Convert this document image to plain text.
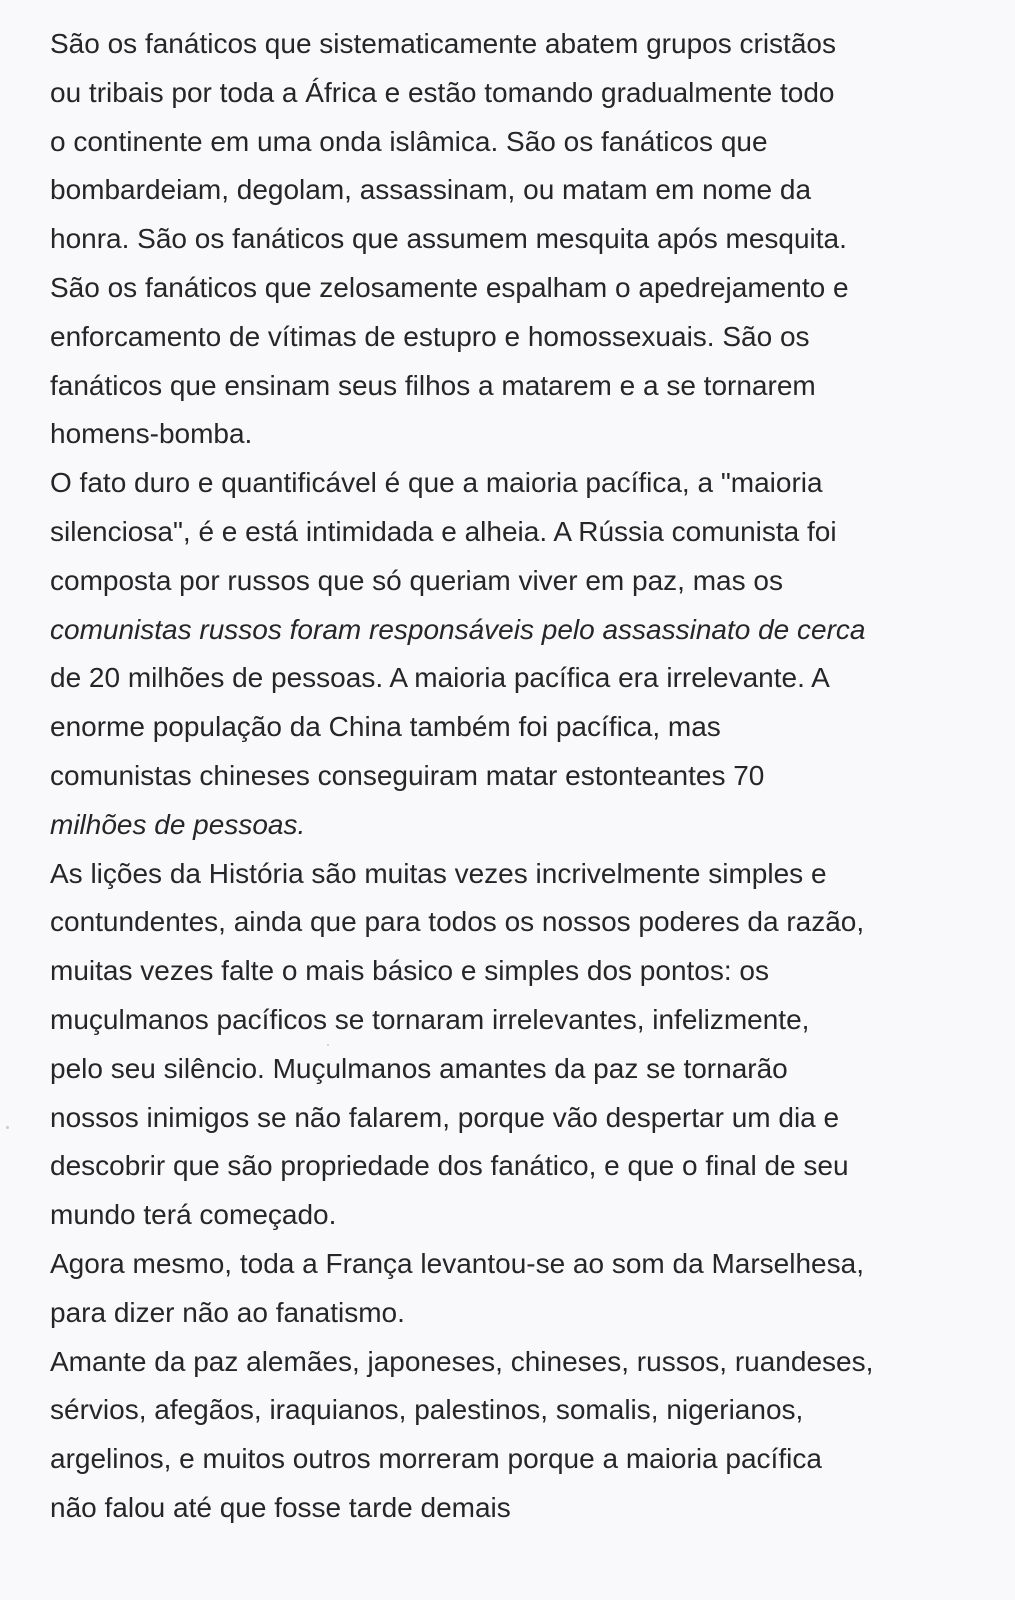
São os fanáticos que sistematicamente abatem grupos cristãos
ou tribais por toda a África e estão tomando gradualmente todo
o continente em uma onda islâmica. São os fanáticos que
bombardeiam, degolam, assassinam, ou matam em nome da
honra. São os fanáticos que assumem mesquita após mesquita.
São os fanáticos que zelosamente espalham o apedrejamento e
enforcamento de vítimas de estupro e homossexuais. São os
fanáticos que ensinam seus filhos a matarem e a se tornarem
homens-bomba.
O fato duro e quantificável é que a maioria pacífica, a "maioria
silenciosa", é e está intimidada e alheia. A Rússia comunista foi
composta por russos que só queriam viver em paz, mas os
comunistas russos foram responsáveis pelo assassinato de cerca
de 20 milhões de pessoas. A maioria pacífica era irrelevante. A
enorme população da China também foi pacífica, mas
comunistas chineses conseguiram matar estonteantes 70
milhões de pessoas.
As lições da História são muitas vezes incrivelmente simples e
contundentes, ainda que para todos os nossos poderes da razão,
muitas vezes falte o mais básico e simples dos pontos: os
muçulmanos pacíficos se tornaram irrelevantes, infelizmente,
pelo seu silêncio. Muçulmanos amantes da paz se tornarão
nossos inimigos se não falarem, porque vão despertar um dia e
descobrir que são propriedade dos fanático, e que o final de seu
mundo terá começado.
Agora mesmo, toda a França levantou-se ao som da Marselhesa,
para dizer não ao fanatismo.
Amante da paz alemães, japoneses, chineses, russos, ruandeses,
sérvios, afegãos, iraquianos, palestinos, somalis, nigerianos,
argelinos, e muitos outros morreram porque a maioria pacífica
não falou até que fosse tarde demais
